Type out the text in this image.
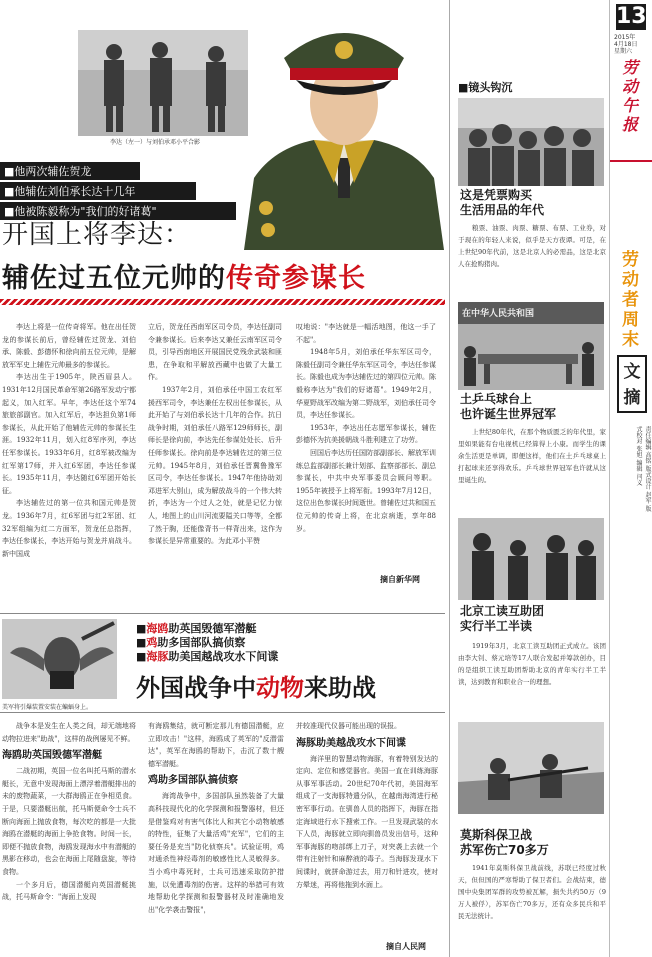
13
2015年
4月18日
星期六
劳动午报
劳动者周末
文 摘
责任编辑 高铭 版式设计 赵军 版式校对 张旭 编辑 闫义
李达（左一）与刘伯承邓小平合影
■他两次辅佐贺龙
■他辅佐刘伯承长达十几年
■他被陈毅称为"我们的好诸葛"
开国上将李达：
辅佐过五位元帅的传奇参谋长

李达上将是一位传奇将军。他在出任贺龙的参谋长前后，曾经辅佐过贺龙、刘伯承、陈毅、彭德怀和徐向前五位元帅，是解放军军史上辅佐元帅最多的参谋长。

李达出生于1905年，陕西眉县人。1931年12月国民革命军第26路军发动宁都起义，加入红军。早年，李达任这个军74旅旅部副官。加入红军后，李达担负第1师参谋长，从此开始了他辅佐元帅的参谋长生涯。1932年11月，划入红8军序列，李达任军参谋长。1933年6月，红8军被改编为红军第17师，并入红6军团，李达任参谋长。1935年11月，李达随红6军团开始长征。

李达辅佐过的第一位共和国元帅是贺龙。1936年7月，红6军团与红2军团、红32军组编为红二方面军，贺龙任总指挥，李达任参谋长，李达开始与贺龙并肩战斗。新中国成

立后，贺龙任西南军区司令员，李达任副司令兼参谋长。后来李达又兼任云南军区司令员，引导西南地区开展国民党残余武装和匪患，在争取和平解放西藏中也做了大量工作。

1937年2月，刘伯承任中国工农红军援西军司令，李达兼任左权出任参谋长，从此开始了与刘伯承长达十几年的合作。抗日战争时期，刘伯承任八路军129师师长，副师长是徐向前，李达先任参谋处处长、后升任师参谋长。徐向前是李达辅佐过的第三位元帅。1945年8月，刘伯承任晋冀鲁豫军区司令，李达任参谋长。1947年他协助刘邓进军大别山，成为解放战斗的一个伟大转折，李达为一个过人之处，就是记忆力惊人，地图上的山川河流要隘关口等等，全都了然于胸，还能像背书一样背出来，这作为参谋长是异常重要的。为此邓小平赞

叹地说："李达就是一幅活地图，他这一手了不起"。

1948年5月，刘伯承任华东军区司令，陈毅任副司令兼任华东军区司令，李达任参谋长。陈毅也成为李达辅佐过的第四位元帅。陈毅称李达为"我们的好诸葛"。1949年2月，华夏野战军改编为第二野战军，刘伯承任司令员，李达任参谋长。

1953年，李达出任志愿军参谋长，辅佐彭德怀为抗美援朝战斗胜利建立了功劳。

回国后李达历任国防部副部长、解放军训练总监部副部长兼计划部、监察部部长、副总参谋长，中共中央军事委员会顾问等职。1955年被授予上将军衔。1993年7月12日，这位出色参谋长时间逝世。曾辅佐过共和国五位元帅的传奇上将，在北京病逝，享年88岁。

摘自新华网
美军将引爆装置安装在蝙蝠身上。
■海鸥助英国毁德军潜艇
■鸡助多国部队搞侦察
■海豚助美国越战攻水下间谍
外国战争中动物来助战

战争本是发生在人类之间，却无端地将动物拉进来"助战"，这样的战例屡见不鲜。

海鸥助英国毁德军潜艇

二战初期，英国一位名叫托马斯的潜水艇长，无意中发现海面上漂浮着潜艇排出的未的废物蔬菜，一大群海鸥正在争相觅食。于是，只要潜艇出航，托马斯便命令士兵不断向海面上抛放食物，每次吃的都是一大批海鸥在潜艇的海面上争抢食物。时间一长，即便不抛放食物，海鸥发现海水中有潜艇的黑影在移动，也会在海面上尾随盘旋，等待食物。

一个多月后，德国潜艇向英国潜艇挑战，托马斯命令："海面上发现

有海鸥集结，就可断定那儿有德国潜艇，应立即攻击！"这样，海鸥成了英军的"反潜雷达"，英军在海鸥的帮助下，击沉了数十艘德军潜艇。

鸡助多国部队搞侦察

海湾战争中，多国部队虽然装备了大量高科技现代化的化学探测和报警器材，但还是借鉴鸡对有害气体比人和其它小动物敏感的特性，征集了大量活鸡"充军"，它们的主要任务是充当"防化侦察兵"。试验证明，鸡对通杀性神经毒剂的敏感性比人灵敏得多。当小鸡中毒死时，士兵可迅速采取防护措施，以免遭毒剂的伤害。这样的举措可有效地帮助化学探测和报警器材及时准确地发出"化学袭击警报"，

并较准现代仪器可能出现的误报。

海豚助美越战攻水下间谍

海洋里的智慧动物海豚，有着特别发达的定向、定位和感觉器官。美国一直在训练海豚从事军事活动。20世纪70年代初，美国海军组成了一支海豚特遣分队，在越南海湾进行秘密军事行动。在驯兽人员的指挥下，海豚在指定海域进行水下搜索工作。一旦发现武装的水下人员，海豚就立即向驯兽员发出信号，这种军事海豚的吻部绑上刀子，对突袭上去就一个带有注射针和麻醉液的毒子。当海豚发现水下间谍时，就拼命游过去，用刀和针进攻，使对方晕迷，再将他拖到水面上。

摘自人民网
■镜头钩沉
这是凭票购买
生活用品的年代

粮票、油票、肉票、糖票、布票、工业券，对于现在的年轻人来说，似乎是天方夜谭。可是，在上世纪90年代前，这是北京人的必需品，这是北京人在抢购猪肉。

在中华人民共和国
土乒乓球台上
也许诞生世界冠军

上世纪80年代，在那个物质匮乏的年代里，家里如果能有台电视机已经算得上小康。而学生的课余生活更是单调，即便这样，他们在土乒乓球桌上打起球来还享得欢乐。乒乓球世界冠军也许就从这里诞生的。

北京工读互助团
实行半工半读

1919年3月，北京工读互助团正式成立。该团由李大钊、蔡元培等17人联合发起并筹款创办，目的是组织工读互助团帮助北京的青年实行半工半读，达到教育和职业合一的理想。

莫斯科保卫战
苏军伤亡70多万

1941年莫斯科保卫战前线，苏联已经度过秋天，但但国的严寒帮助了保卫者们。会战结束，德国中央集团军群的攻势被瓦解，损失共约50万（9万人被俘），苏军伤亡70多万，还有众多民兵和平民无法统计。
